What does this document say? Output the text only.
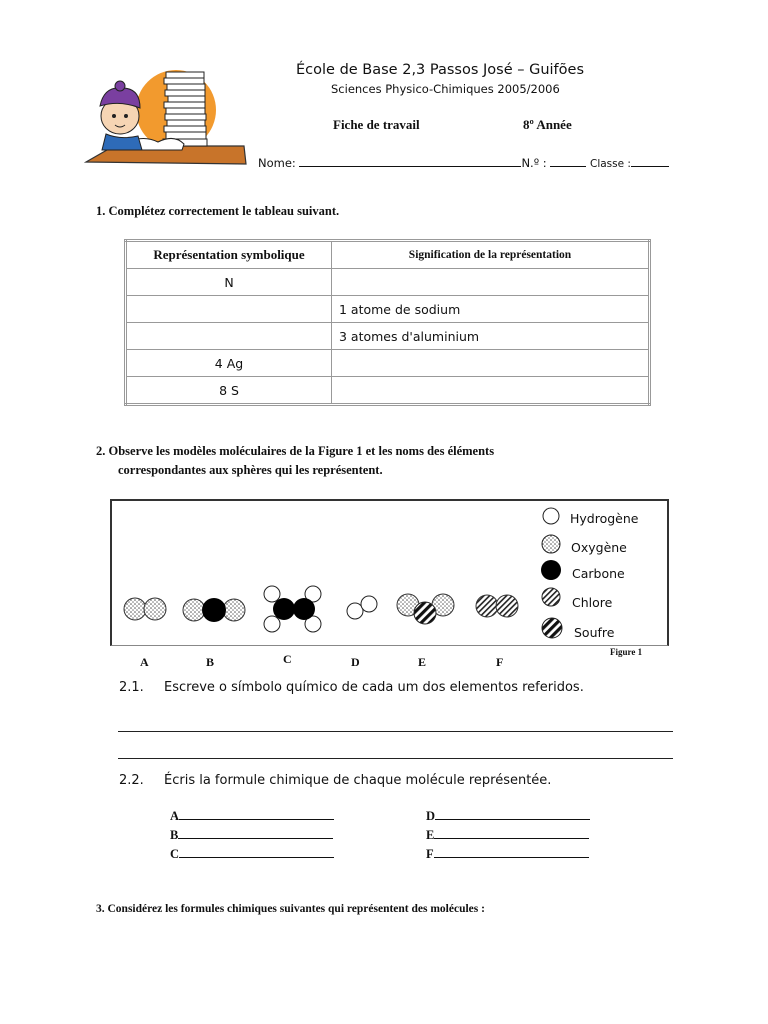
École de Base 2,3 Passos José – Guifões
Sciences Physico-Chimiques 2005/2006
Fiche de travail	8º Année
Nome:	N.º :	Classe :
1. Complétez correctement le tableau suivant.
Représentation symbolique	Signification de la représentation
N	
	1 atome de sodium
	3 atomes d'aluminium
4 Ag	
8 S	
2. Observe les modèles moléculaires de la Figure 1 et les noms des éléments
correspondantes aux sphères qui les représentent.
Hydrogène
Oxygène
Carbone
Chlore
Soufre
A	B	C	D	E	F
Figure 1
2.1. Escreve o símbolo químico de cada um dos elementos referidos.
2.2. Écris la formule chimique de chaque molécule représentée.
A
B
C
D
E
F
3. Considérez les formules chimiques suivantes qui représentent des molécules :
